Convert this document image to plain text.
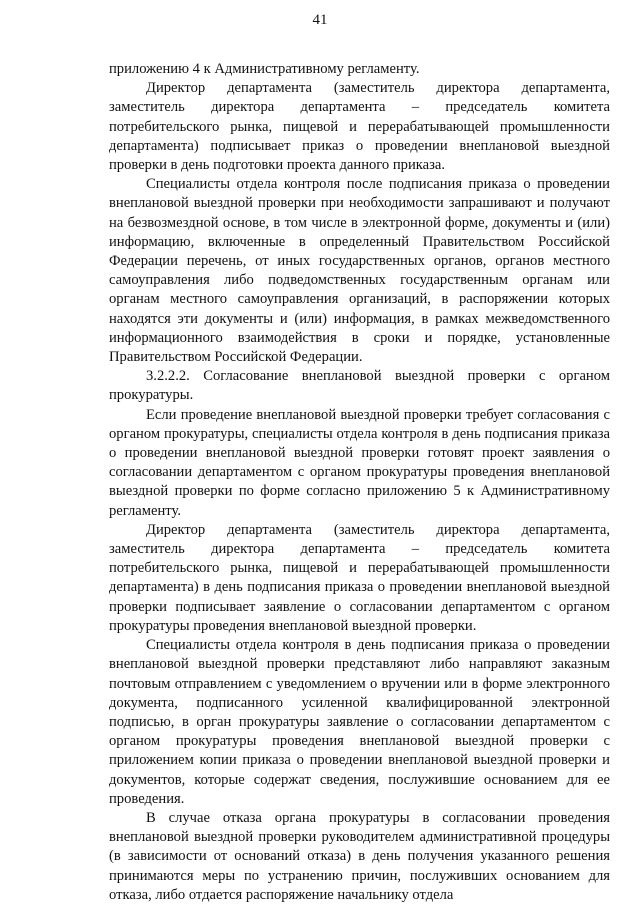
41

приложению 4 к Административному регламенту.

Директор департамента (заместитель директора департамента, заместитель директора департамента – председатель комитета потребительского рынка, пищевой и перерабатывающей промышленности департамента) подписывает приказ о проведении внеплановой выездной проверки в день подготовки проекта данного приказа.

Специалисты отдела контроля после подписания приказа о проведении внеплановой выездной проверки при необходимости запрашивают и получают на безвозмездной основе, в том числе в электронной форме, документы и (или) информацию, включенные в определенный Правительством Российской Федерации перечень, от иных государственных органов, органов местного самоуправления либо подведомственных государственным органам или органам местного самоуправления организаций, в распоряжении которых находятся эти документы и (или) информация, в рамках межведомственного информационного взаимодействия в сроки и порядке, установленные Правительством Российской Федерации.

3.2.2.2. Согласование внеплановой выездной проверки с органом прокуратуры.

Если проведение внеплановой выездной проверки требует согласования с органом прокуратуры, специалисты отдела контроля в день подписания приказа о проведении внеплановой выездной проверки готовят проект заявления о согласовании департаментом с органом прокуратуры проведения внеплановой выездной проверки по форме согласно приложению 5 к Административному регламенту.

Директор департамента (заместитель директора департамента, заместитель директора департамента – председатель комитета потребительского рынка, пищевой и перерабатывающей промышленности департамента) в день подписания приказа о проведении внеплановой выездной проверки подписывает заявление о согласовании департаментом с органом прокуратуры проведения внеплановой выездной проверки.

Специалисты отдела контроля в день подписания приказа о проведении внеплановой выездной проверки представляют либо направляют заказным почтовым отправлением с уведомлением о вручении или в форме электронного документа, подписанного усиленной квалифицированной электронной подписью, в орган прокуратуры заявление о согласовании департаментом с органом прокуратуры проведения внеплановой выездной проверки с приложением копии приказа о проведении внеплановой выездной проверки и документов, которые содержат сведения, послужившие основанием для ее проведения.

В случае отказа органа прокуратуры в согласовании проведения внеплановой выездной проверки руководителем административной процедуры (в зависимости от оснований отказа) в день получения указанного решения принимаются меры по устранению причин, послуживших основанием для отказа, либо отдается распоряжение начальнику отдела
